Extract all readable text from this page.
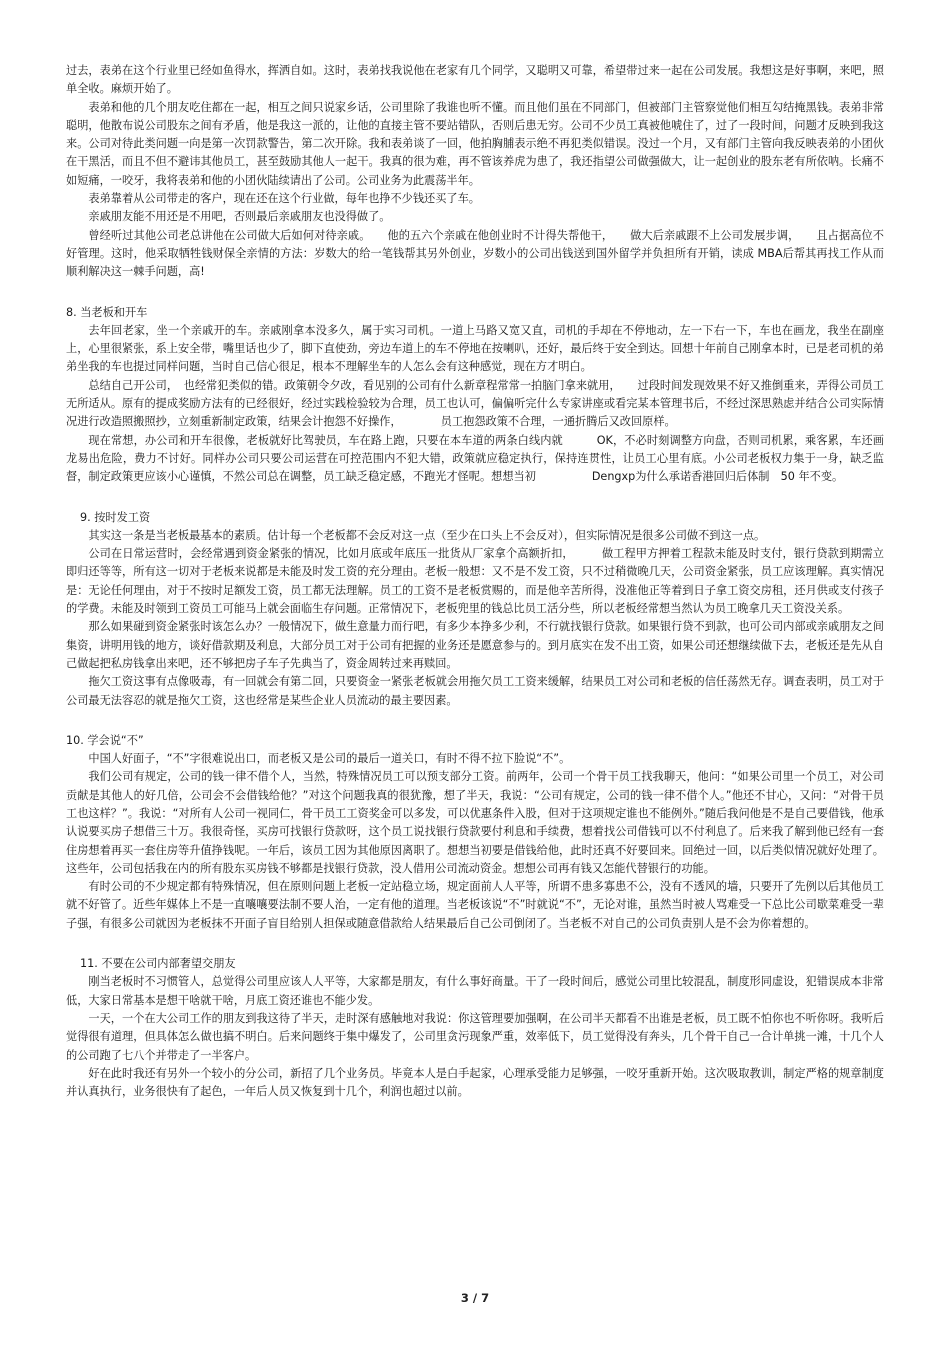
过去，表弟在这个行业里已经如鱼得水，挥洒自如。这时，表弟找我说他在老家有几个同学，又聪明又可靠，希望带过来一起在公司发展。我想这是好事啊，来吧，照单全收。麻烦开始了。

表弟和他的几个朋友吃住都在一起，相互之间只说家乡话，公司里除了我谁也听不懂。而且他们虽在不同部门，但被部门主管察觉他们相互勾结掩黑钱。表弟非常聪明，他散布说公司股东之间有矛盾，他是我这一派的，让他的直接主管不要站错队，否则后患无穷。公司不少员工真被他唬住了，过了一段时间，问题才反映到我这来。公司对待此类问题一向是第一次罚款警告，第二次开除。我和表弟谈了一回，他拍胸脯表示绝不再犯类似错误。没过一个月，又有部门主管向我反映表弟的小团伙在干黑活，而且不但不避讳其他员工，甚至鼓励其他人一起干。我真的很为难，再不管该养虎为患了，我还指望公司做强做大，让一起创业的股东老有所依呐。长痛不如短痛，一咬牙，我将表弟和他的小团伙陆续请出了公司。公司业务为此震荡半年。

表弟靠着从公司带走的客户，现在还在这个行业做，每年也挣不少钱还买了车。

亲戚朋友能不用还是不用吧，否则最后亲戚朋友也没得做了。

曾经听过其他公司老总讲他在公司做大后如何对待亲戚。　　他的五六个亲戚在他创业时不计得失帮他干，　　做大后亲戚跟不上公司发展步调，　　且占据高位不好管理。这时，他采取牺牲钱财保全亲情的方法：岁数大的给一笔钱帮其另外创业，岁数小的公司出钱送到国外留学并负担所有开销，读成 MBA后帮其再找工作从而顺利解决这一棘手问题，高!

8. 当老板和开车

去年回老家，坐一个亲戚开的车。亲戚刚拿本没多久，属于实习司机。一道上马路又宽又直，司机的手却在不停地动，左一下右一下，车也在画龙，我坐在副座上，心里很紧张，系上安全带，嘴里话也少了，脚下直使劲，旁边车道上的车不停地在按喇叭，还好，最后终于安全到达。回想十年前自己刚拿本时，已是老司机的弟弟坐我的车也提过同样问题，当时自己信心很足，根本不理解坐车的人怎么会有这种感觉，现在方才明白。

总结自己开公司，　也经常犯类似的错。政策朝令夕改，看见别的公司有什么新章程常常一拍脑门拿来就用，　　过段时间发现效果不好又推倒重来，弄得公司员工无所适从。原有的提成奖励方法有的已经很好，经过实践检验较为合理，员工也认可，偏偏听完什么专家讲座或看完某本管理书后，不经过深思熟虑并结合公司实际情况进行改造照搬照抄，立刻重新制定政策，结果会计抱怨不好操作，　　　　员工抱怨政策不合理，一通折腾后又改回原样。

现在常想，办公司和开车很像，老板就好比驾驶员，车在路上跑，只要在本车道的两条白线内就　　　OK，不必时刻调整方向盘，否则司机累，乘客累，车还画龙易出危险，费力不讨好。同样办公司只要公司运营在可控范围内不犯大错，政策就应稳定执行，保持连贯性，让员工心里有底。小公司老板权力集于一身，缺乏监督，制定政策更应该小心谨慎，不然公司总在调整，员工缺乏稳定感，不跑光才怪呢。想想当初　　　　　Dengxp为什么承诺香港回归后体制　50 年不变。

9. 按时发工资

其实这一条是当老板最基本的素质。估计每一个老板都不会反对这一点（至少在口头上不会反对），但实际情况是很多公司做不到这一点。

公司在日常运营时，会经常遇到资金紧张的情况，比如月底或年底压一批货从厂家拿个高额折扣，　　　做工程甲方押着工程款未能及时支付，银行贷款到期需立即归还等等，所有这一切对于老板来说都是未能及时发工资的充分理由。老板一般想：又不是不发工资，只不过稍微晚几天，公司资金紧张，员工应该理解。真实情况是：无论任何理由，对于不按时足额发工资，员工都无法理解。员工的工资不是老板赏赐的，而是他辛苦所得，没准他正等着到日子拿工资交房租，还月供或支付孩子的学费。未能及时领到工资员工可能马上就会面临生存问题。正常情况下，老板兜里的钱总比员工活分些，所以老板经常想当然认为员工晚拿几天工资没关系。

那么如果碰到资金紧张时该怎么办？一般情况下，做生意量力而行吧，有多少本挣多少利，不行就找银行贷款。如果银行贷不到款，也可公司内部或亲戚朋友之间集资，讲明用钱的地方，谈好借款期及利息，大部分员工对于公司有把握的业务还是愿意参与的。到月底实在发不出工资，如果公司还想继续做下去，老板还是先从自己做起把私房钱拿出来吧，还不够把房子车子先典当了，资金周转过来再赎回。

拖欠工资这事有点像吸毒，有一回就会有第二回，只要资金一紧张老板就会用拖欠员工工资来缓解，结果员工对公司和老板的信任荡然无存。调查表明，员工对于公司最无法容忍的就是拖欠工资，这也经常是某些企业人员流动的最主要因素。

10. 学会说“不”

中国人好面子，“不”字很难说出口，而老板又是公司的最后一道关口，有时不得不拉下脸说“不”。

我们公司有规定，公司的钱一律不借个人，当然，特殊情况员工可以预支部分工资。前两年，公司一个骨干员工找我聊天，他问：“如果公司里一个员工，对公司贡献是其他人的好几倍，公司会不会借钱给他？”对这个问题我真的很犹豫，想了半天，我说：“公司有规定，公司的钱一律不借个人。”他还不甘心，又问：“对骨干员工也这样？”。我说：“对所有人公司一视同仁，骨干员工工资奖金可以多发，可以优惠条件入股，但对于这项规定谁也不能例外。”随后我问他是不是自己要借钱，他承认说要买房子想借三十万。我很奇怪，买房可找银行贷款呀，这个员工说找银行贷款要付利息和手续费，想着找公司借钱可以不付利息了。后来我了解到他已经有一套住房想着再买一套住房等升值挣钱呢。一年后，该员工因为其他原因离职了。想想当初要是借钱给他，此时还真不好要回来。回绝过一回，以后类似情况就好处理了。这些年，公司包括我在内的所有股东买房钱不够都是找银行贷款，没人借用公司流动资金。想想公司再有钱又怎能代替银行的功能。

有时公司的不少规定都有特殊情况，但在原则问题上老板一定站稳立场，规定面前人人平等，所谓不患多寡患不公，没有不透风的墙，只要开了先例以后其他员工就不好管了。近些年媒体上不是一直嚷嚷要法制不要人治，一定有他的道理。当老板该说“不”时就说“不”，无论对谁，虽然当时被人骂难受一下总比公司歇菜难受一辈子强，有很多公司就因为老板抹不开面子盲目给别人担保或随意借款给人结果最后自己公司倒闭了。当老板不对自己的公司负责别人是不会为你着想的。

11. 不要在公司内部奢望交朋友

刚当老板时不习惯管人，总觉得公司里应该人人平等，大家都是朋友，有什么事好商量。干了一段时间后，感觉公司里比较混乱，制度形同虚设，犯错误成本非常低，大家日常基本是想干啥就干啥，月底工资还谁也不能少发。

一天，一个在大公司工作的朋友到我这待了半天，走时深有感触地对我说：你这管理要加强啊，在公司半天都看不出谁是老板，员工既不怕你也不听你呀。我听后觉得很有道理，但具体怎么做也搞不明白。后来问题终于集中爆发了，公司里贪污现象严重，效率低下，员工觉得没有奔头，几个骨干自己一合计单挑一滩，十几个人的公司跑了七八个并带走了一半客户。

好在此时我还有另外一个较小的分公司，新招了几个业务员。毕竟本人是白手起家，心理承受能力足够强，一咬牙重新开始。这次吸取教训，制定严格的规章制度并认真执行，业务很快有了起色，一年后人员又恢复到十几个，利润也超过以前。

3 / 7
